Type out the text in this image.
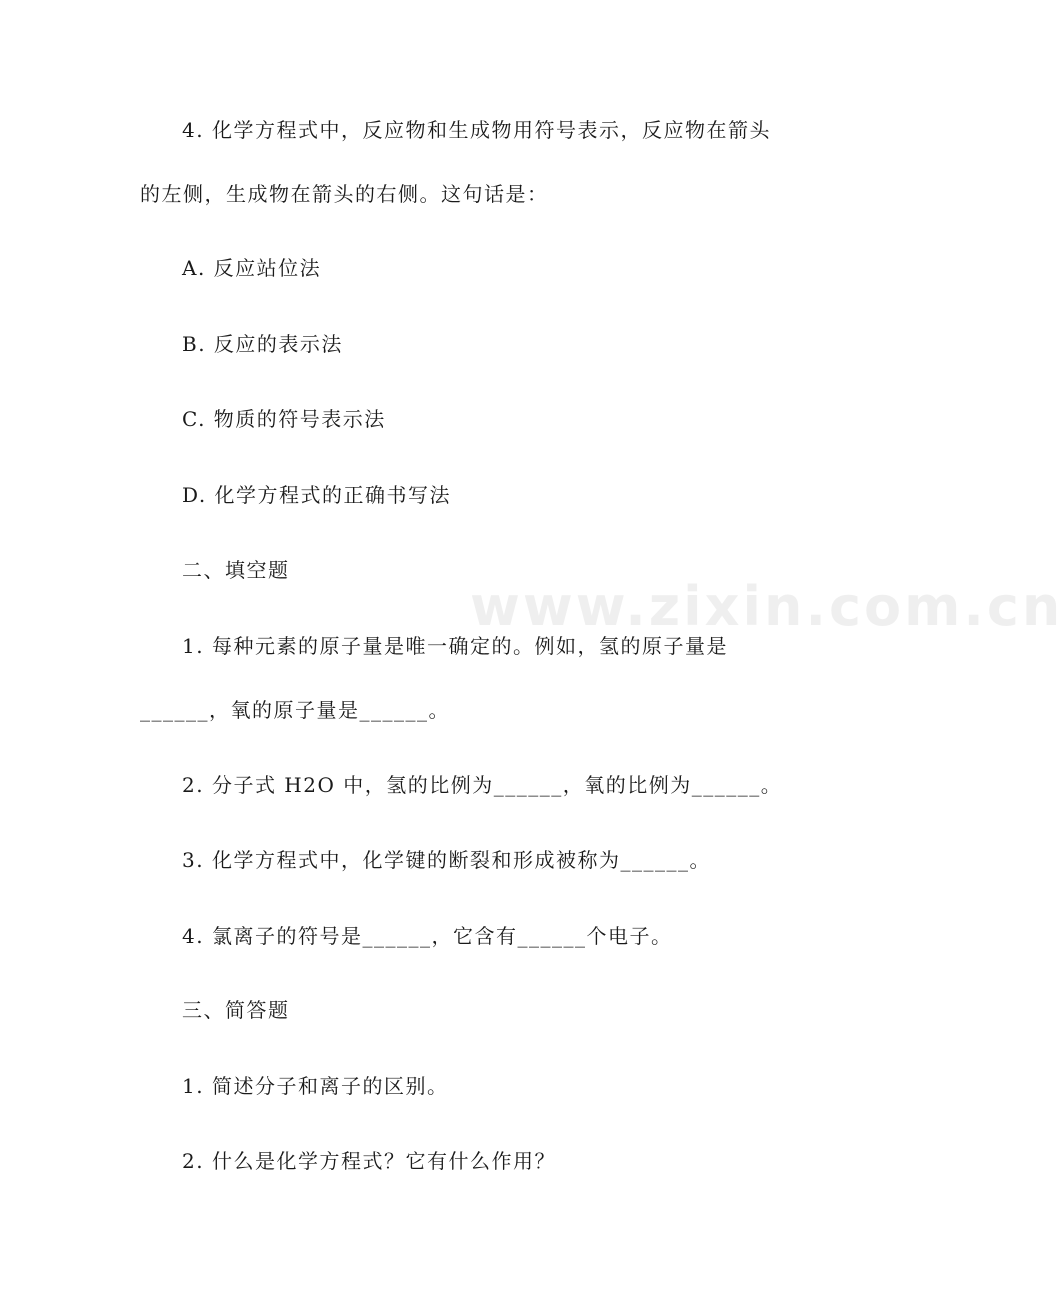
www.zixin.com.cn
4. 化学方程式中，反应物和生成物用符号表示，反应物在箭头
的左侧，生成物在箭头的右侧。这句话是：
A. 反应站位法
B. 反应的表示法
C. 物质的符号表示法
D. 化学方程式的正确书写法
二、填空题
1. 每种元素的原子量是唯一确定的。例如，氢的原子量是
______，氧的原子量是______。
2. 分子式 H2O 中，氢的比例为______，氧的比例为______。
3. 化学方程式中，化学键的断裂和形成被称为______。
4. 氯离子的符号是______，它含有______个电子。
三、简答题
1. 简述分子和离子的区别。
2. 什么是化学方程式？它有什么作用？
